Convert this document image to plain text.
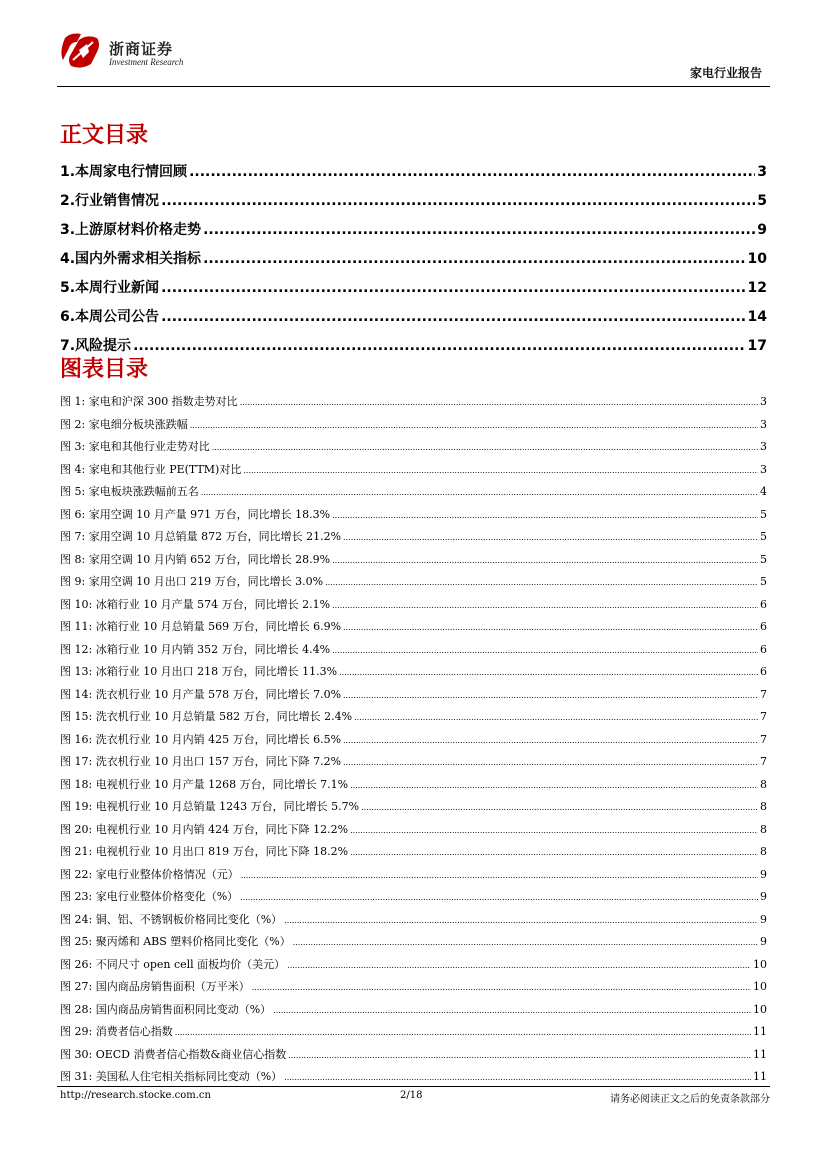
浙商证券
Investment Research
家电行业报告
正文目录
1.本周家电行情回顾 .....	3
2.行业销售情况 .....	5
3.上游原材料价格走势 .....	9
4.国内外需求相关指标 .....	10
5.本周行业新闻 .....	12
6.本周公司公告 .....	14
7.风险提示 .....	17
图表目录
图 1: 家电和沪深 300 指数走势对比 .....	3
图 2: 家电细分板块涨跌幅 .....	3
图 3: 家电和其他行业走势对比 .....	3
图 4: 家电和其他行业 PE(TTM)对比 .....	3
图 5: 家电板块涨跌幅前五名 .....	4
图 6: 家用空调 10 月产量 971 万台，同比增长 18.3% .....	5
图 7: 家用空调 10 月总销量 872 万台，同比增长 21.2% .....	5
图 8: 家用空调 10 月内销 652 万台，同比增长 28.9% .....	5
图 9: 家用空调 10 月出口 219 万台，同比增长 3.0% .....	5
图 10: 冰箱行业 10 月产量 574 万台，同比增长 2.1% .....	6
图 11: 冰箱行业 10 月总销量 569 万台，同比增长 6.9% .....	6
图 12: 冰箱行业 10 月内销 352 万台，同比增长 4.4% .....	6
图 13: 冰箱行业 10 月出口 218 万台，同比增长 11.3% .....	6
图 14: 洗衣机行业 10 月产量 578 万台，同比增长 7.0% .....	7
图 15: 洗衣机行业 10 月总销量 582 万台，同比增长 2.4% .....	7
图 16: 洗衣机行业 10 月内销 425 万台，同比增长 6.5% .....	7
图 17: 洗衣机行业 10 月出口 157 万台，同比下降 7.2% .....	7
图 18: 电视机行业 10 月产量 1268 万台，同比增长 7.1% .....	8
图 19: 电视机行业 10 月总销量 1243 万台，同比增长 5.7% .....	8
图 20: 电视机行业 10 月内销 424 万台，同比下降 12.2% .....	8
图 21: 电视机行业 10 月出口 819 万台，同比下降 18.2% .....	8
图 22: 家电行业整体价格情况（元） .....	9
图 23: 家电行业整体价格变化（%） .....	9
图 24: 铜、铝、不锈钢板价格同比变化（%） .....	9
图 25: 聚丙烯和 ABS 塑料价格同比变化（%） .....	9
图 26: 不同尺寸 open cell 面板均价（美元） .....	10
图 27: 国内商品房销售面积（万平米） .....	10
图 28: 国内商品房销售面积同比变动（%） .....	10
图 29: 消费者信心指数 .....	11
图 30: OECD 消费者信心指数&商业信心指数 .....	11
图 31: 美国私人住宅相关指标同比变动（%） .....	11
http://research.stocke.com.cn	2/18	请务必阅读正文之后的免责条款部分
